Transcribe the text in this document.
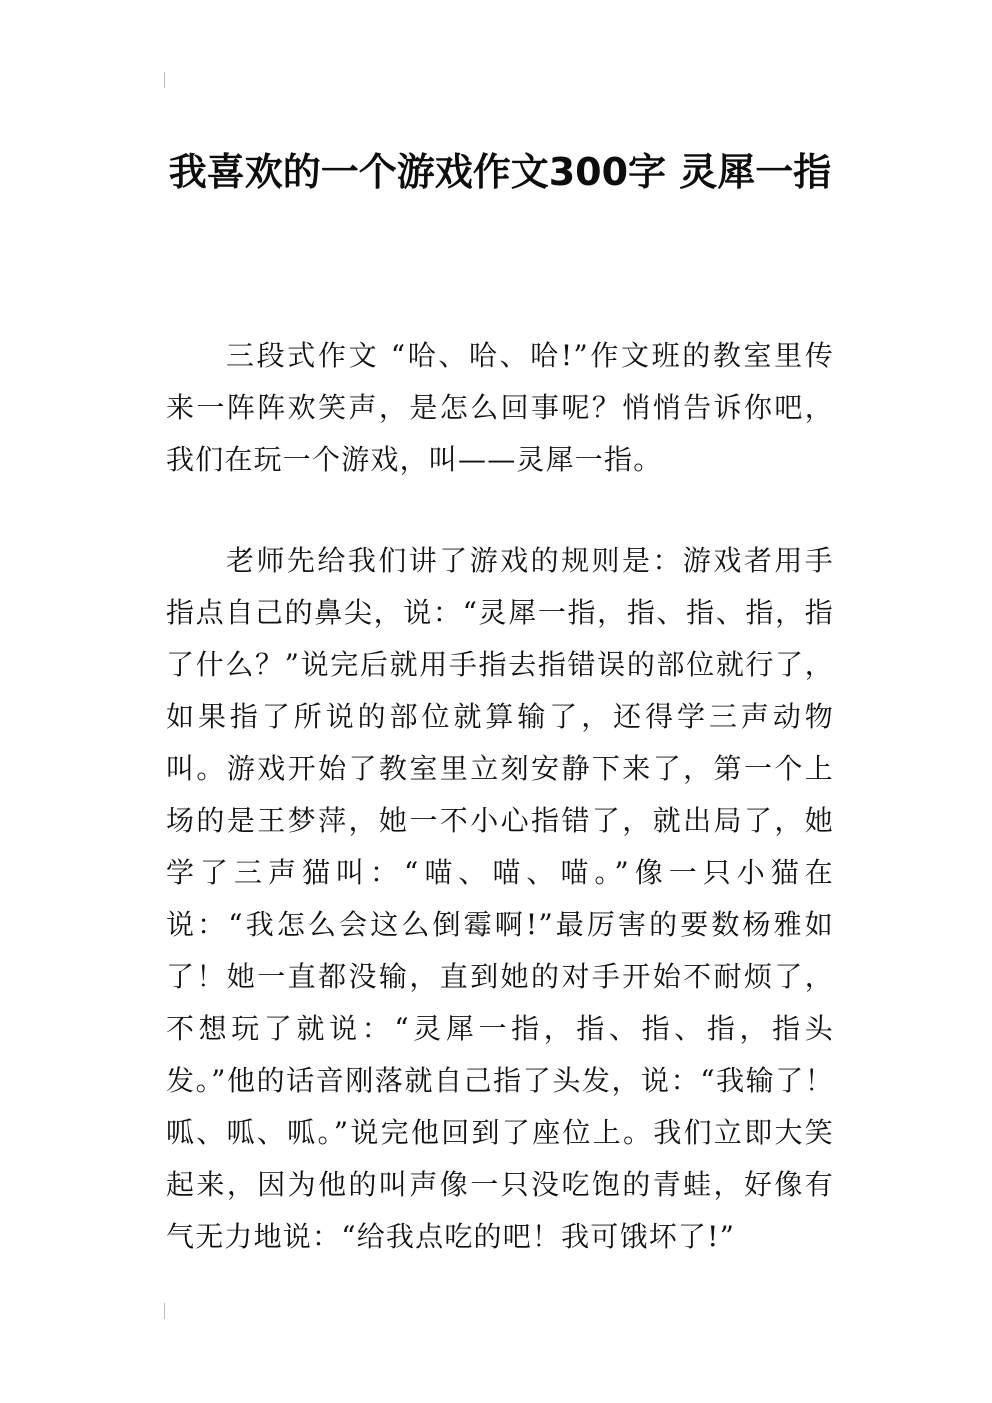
我喜欢的一个游戏作文300字 灵犀一指

三段式作文 “哈、哈、哈!”作文班的教室里传来一阵阵欢笑声，是怎么回事呢？悄悄告诉你吧，我们在玩一个游戏，叫——灵犀一指。

老师先给我们讲了游戏的规则是：游戏者用手指点自己的鼻尖，说：“灵犀一指，指、指、指，指了什么？”说完后就用手指去指错误的部位就行了，如果指了所说的部位就算输了，还得学三声动物叫。游戏开始了教室里立刻安静下来了，第一个上场的是王梦萍，她一不小心指错了，就出局了，她学了三声猫叫：“喵、喵、喵。”像一只小猫在说：“我怎么会这么倒霉啊!”最厉害的要数杨雅如了！她一直都没输，直到她的对手开始不耐烦了，不想玩了就说：“灵犀一指，指、指、指，指头发。”他的话音刚落就自己指了头发，说：“我输了！呱、呱、呱。”说完他回到了座位上。我们立即大笑起来，因为他的叫声像一只没吃饱的青蛙，好像有气无力地说：“给我点吃的吧！我可饿坏了!”
